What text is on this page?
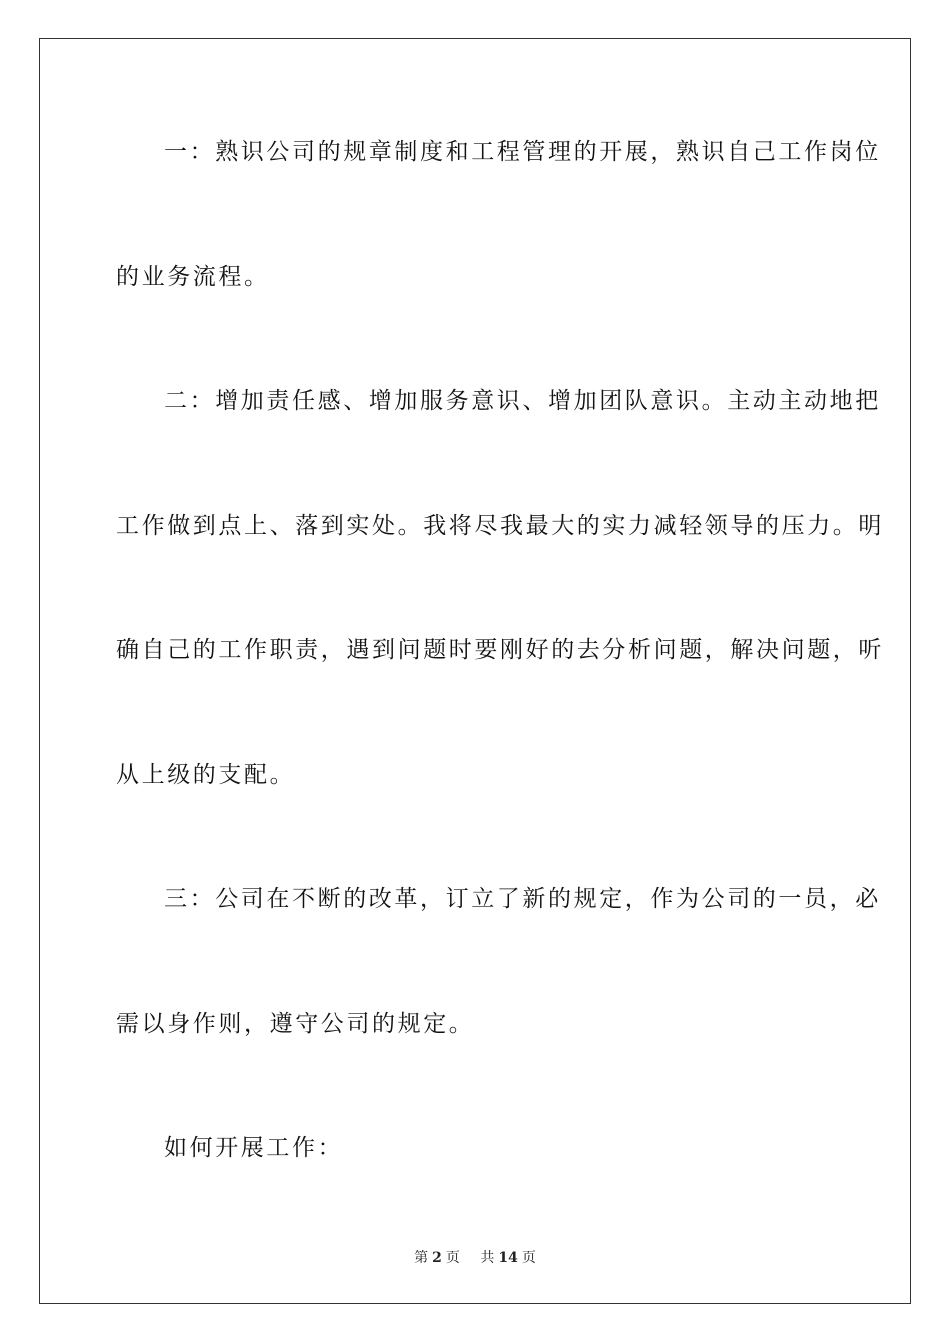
一：熟识公司的规章制度和工程管理的开展，熟识自己工作岗位
的业务流程。
二：增加责任感、增加服务意识、增加团队意识。主动主动地把
工作做到点上、落到实处。我将尽我最大的实力减轻领导的压力。明
确自己的工作职责，遇到问题时要刚好的去分析问题，解决问题，听
从上级的支配。
三：公司在不断的改革，订立了新的规定，作为公司的一员，必
需以身作则，遵守公司的规定。
如何开展工作：
第 2 页 共 14 页
